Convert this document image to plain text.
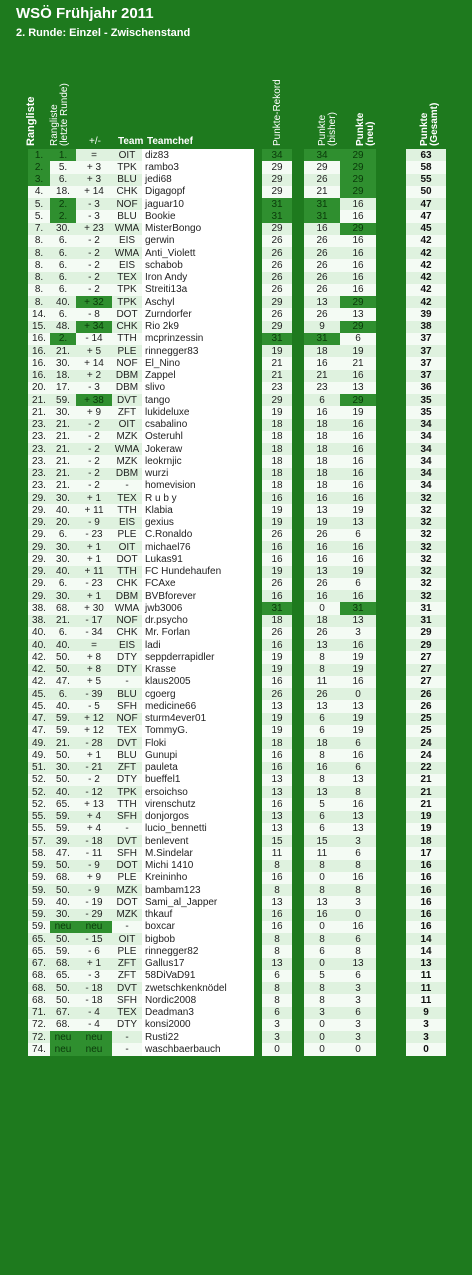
WSÖ Frühjahr 2011
2. Runde: Einzel - Zwischenstand
Rangliste Rangliste (letzte Runde) +/- Team Teamchef	Punkte-Rekord	Punkte (bisher) Punkte (neu)	Punkte (Gesamt)
1.	1.	=	OIT	diz83		34		34	29		63
2.	5.	+ 3	TPK	rambo3		29		29	29		58
3.	6.	+ 3	BLU	jedi68		29		26	29		55
4.	18.	+ 14	CHK	Digagopf		29		21	29		50
5.	2.	- 3	NOF	jaguar10		31		31	16		47
5.	2.	- 3	BLU	Bookie		31		31	16		47
7.	30.	+ 23	WMA	MisterBongo		29		16	29		45
8.	6.	- 2	EIS	gerwin		26		26	16		42
8.	6.	- 2	WMA	Anti_Violett		26		26	16		42
8.	6.	- 2	EIS	schabob		26		26	16		42
8.	6.	- 2	TEX	Iron Andy		26		26	16		42
8.	6.	- 2	TPK	Streiti13a		26		26	16		42
8.	40.	+ 32	TPK	Aschyl		29		13	29		42
14.	6.	- 8	DOT	Zurndorfer		26		26	13		39
15.	48.	+ 34	CHK	Rio 2k9		29		9	29		38
16.	2.	- 14	TTH	mcprinzessin		31		31	6		37
16.	21.	+ 5	PLE	rinnegger83		19		18	19		37
16.	30.	+ 14	NOF	El_Nino		21		16	21		37
16.	18.	+ 2	DBM	Zappel		21		21	16		37
20.	17.	- 3	DBM	slivo		23		23	13		36
21.	59.	+ 38	DVT	tango		29		6	29		35
21.	30.	+ 9	ZFT	lukideluxe		19		16	19		35
23.	21.	- 2	OIT	csabalino		18		18	16		34
23.	21.	- 2	MZK	Osteruhl		18		18	16		34
23.	21.	- 2	WMA	Jokeraw		18		18	16		34
23.	21.	- 2	MZK	leokrnjic		18		18	16		34
23.	21.	- 2	DBM	wurzi		18		18	16		34
23.	21.	- 2	-	homevision		18		18	16		34
29.	30.	+ 1	TEX	R u b y		16		16	16		32
29.	40.	+ 11	TTH	Klabia		19		13	19		32
29.	20.	- 9	EIS	gexius		19		19	13		32
29.	6.	- 23	PLE	C.Ronaldo		26		26	6		32
29.	30.	+ 1	OIT	michael76		16		16	16		32
29.	30.	+ 1	DOT	Lukas91		16		16	16		32
29.	40.	+ 11	TTH	FC Hundehaufen		19		13	19		32
29.	6.	- 23	CHK	FCAxe		26		26	6		32
29.	30.	+ 1	DBM	BVBforever		16		16	16		32
38.	68.	+ 30	WMA	jwb3006		31		0	31		31
38.	21.	- 17	NOF	dr.psycho		18		18	13		31
40.	6.	- 34	CHK	Mr. Forlan		26		26	3		29
40.	40.	=	EIS	ladi		16		13	16		29
42.	50.	+ 8	DTY	seppderrapidler		19		8	19		27
42.	50.	+ 8	DTY	Krasse		19		8	19		27
42.	47.	+ 5	-	klaus2005		16		11	16		27
45.	6.	- 39	BLU	cgoerg		26		26	0		26
45.	40.	- 5	SFH	medicine66		13		13	13		26
47.	59.	+ 12	NOF	sturm4ever01		19		6	19		25
47.	59.	+ 12	TEX	TommyG.		19		6	19		25
49.	21.	- 28	DVT	Floki		18		18	6		24
49.	50.	+ 1	BLU	Gunupi		16		8	16		24
51.	30.	- 21	ZFT	pauleta		16		16	6		22
52.	50.	- 2	DTY	bueffel1		13		8	13		21
52.	40.	- 12	TPK	ersoichso		13		13	8		21
52.	65.	+ 13	TTH	virenschutz		16		5	16		21
55.	59.	+ 4	SFH	donjorgos		13		6	13		19
55.	59.	+ 4	-	lucio_bennetti		13		6	13		19
57.	39.	- 18	DVT	benlevent		15		15	3		18
58.	47.	- 11	SFH	M.Sindelar		11		11	6		17
59.	50.	- 9	DOT	Michi 1410		8		8	8		16
59.	68.	+ 9	PLE	Kreininho		16		0	16		16
59.	50.	- 9	MZK	bambam123		8		8	8		16
59.	40.	- 19	DOT	Sami_al_Japper		13		13	3		16
59.	30.	- 29	MZK	thkauf		16		16	0		16
59.	neu	neu	-	boxcar		16		0	16		16
65.	50.	- 15	OIT	bigbob		8		8	6		14
65.	59.	- 6	PLE	rinnegger82		8		6	8		14
67.	68.	+ 1	ZFT	Gallus17		13		0	13		13
68.	65.	- 3	ZFT	58DiVaD91		6		5	6		11
68.	50.	- 18	DVT	zwetschkenknödel		8		8	3		11
68.	50.	- 18	SFH	Nordic2008		8		8	3		11
71.	67.	- 4	TEX	Deadman3		6		3	6		9
72.	68.	- 4	DTY	konsi2000		3		0	3		3
72.	neu	neu	-	Rusti22		3		0	3		3
74.	neu	neu	-	waschbaerbauch		0		0	0		0
